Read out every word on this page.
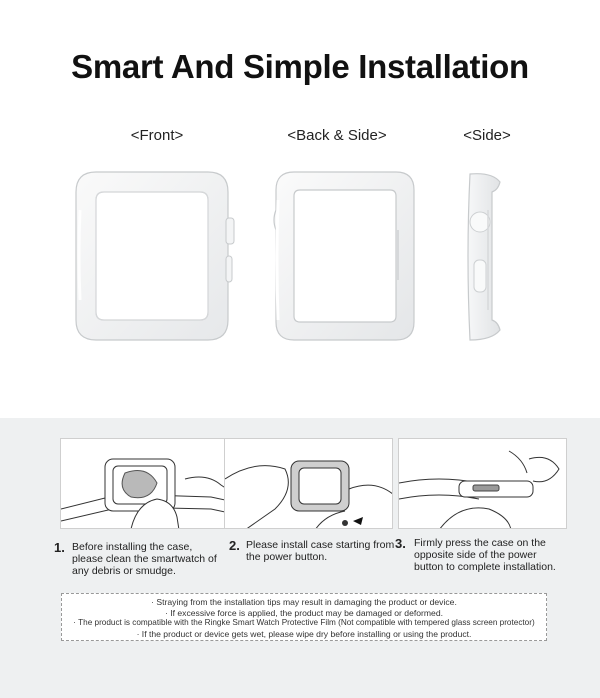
Smart And Simple Installation
<Front>	<Back & Side>	<Side>
1. Before installing the case,
please clean the smartwatch of
any debris or smudge.
2. Please install case starting from
the power button.
3. Firmly press the case on the
opposite side of the power
button to complete installation.
· Straying from the installation tips may result in damaging the product or device.
· If excessive force is applied, the product may be damaged or deformed.
· The product is compatible with the Ringke Smart Watch Protective Film (Not compatible with tempered glass screen protector)
· If the product or device gets wet, please wipe dry before installing or using the product.
